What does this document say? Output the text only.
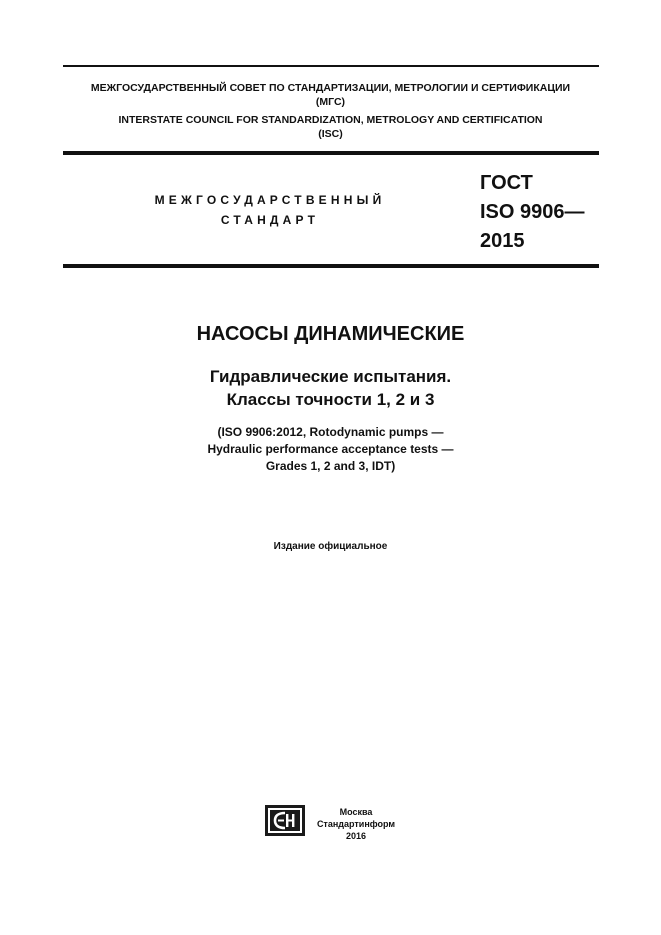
МЕЖГОСУДАРСТВЕННЫЙ СОВЕТ ПО СТАНДАРТИЗАЦИИ, МЕТРОЛОГИИ И СЕРТИФИКАЦИИ
(МГС)
INTERSTATE COUNCIL FOR STANDARDIZATION, METROLOGY AND CERTIFICATION
(ISC)
МЕЖГОСУДАРСТВЕННЫЙ
СТАНДАРТ
ГОСТ
ISO 9906—
2015
НАСОСЫ ДИНАМИЧЕСКИЕ
Гидравлические испытания.
Классы точности 1, 2 и 3
(ISO 9906:2012, Rotodynamic pumps —
Hydraulic performance acceptance tests —
Grades 1, 2 and 3, IDT)
Издание официальное
Москва
Стандартинформ
2016
